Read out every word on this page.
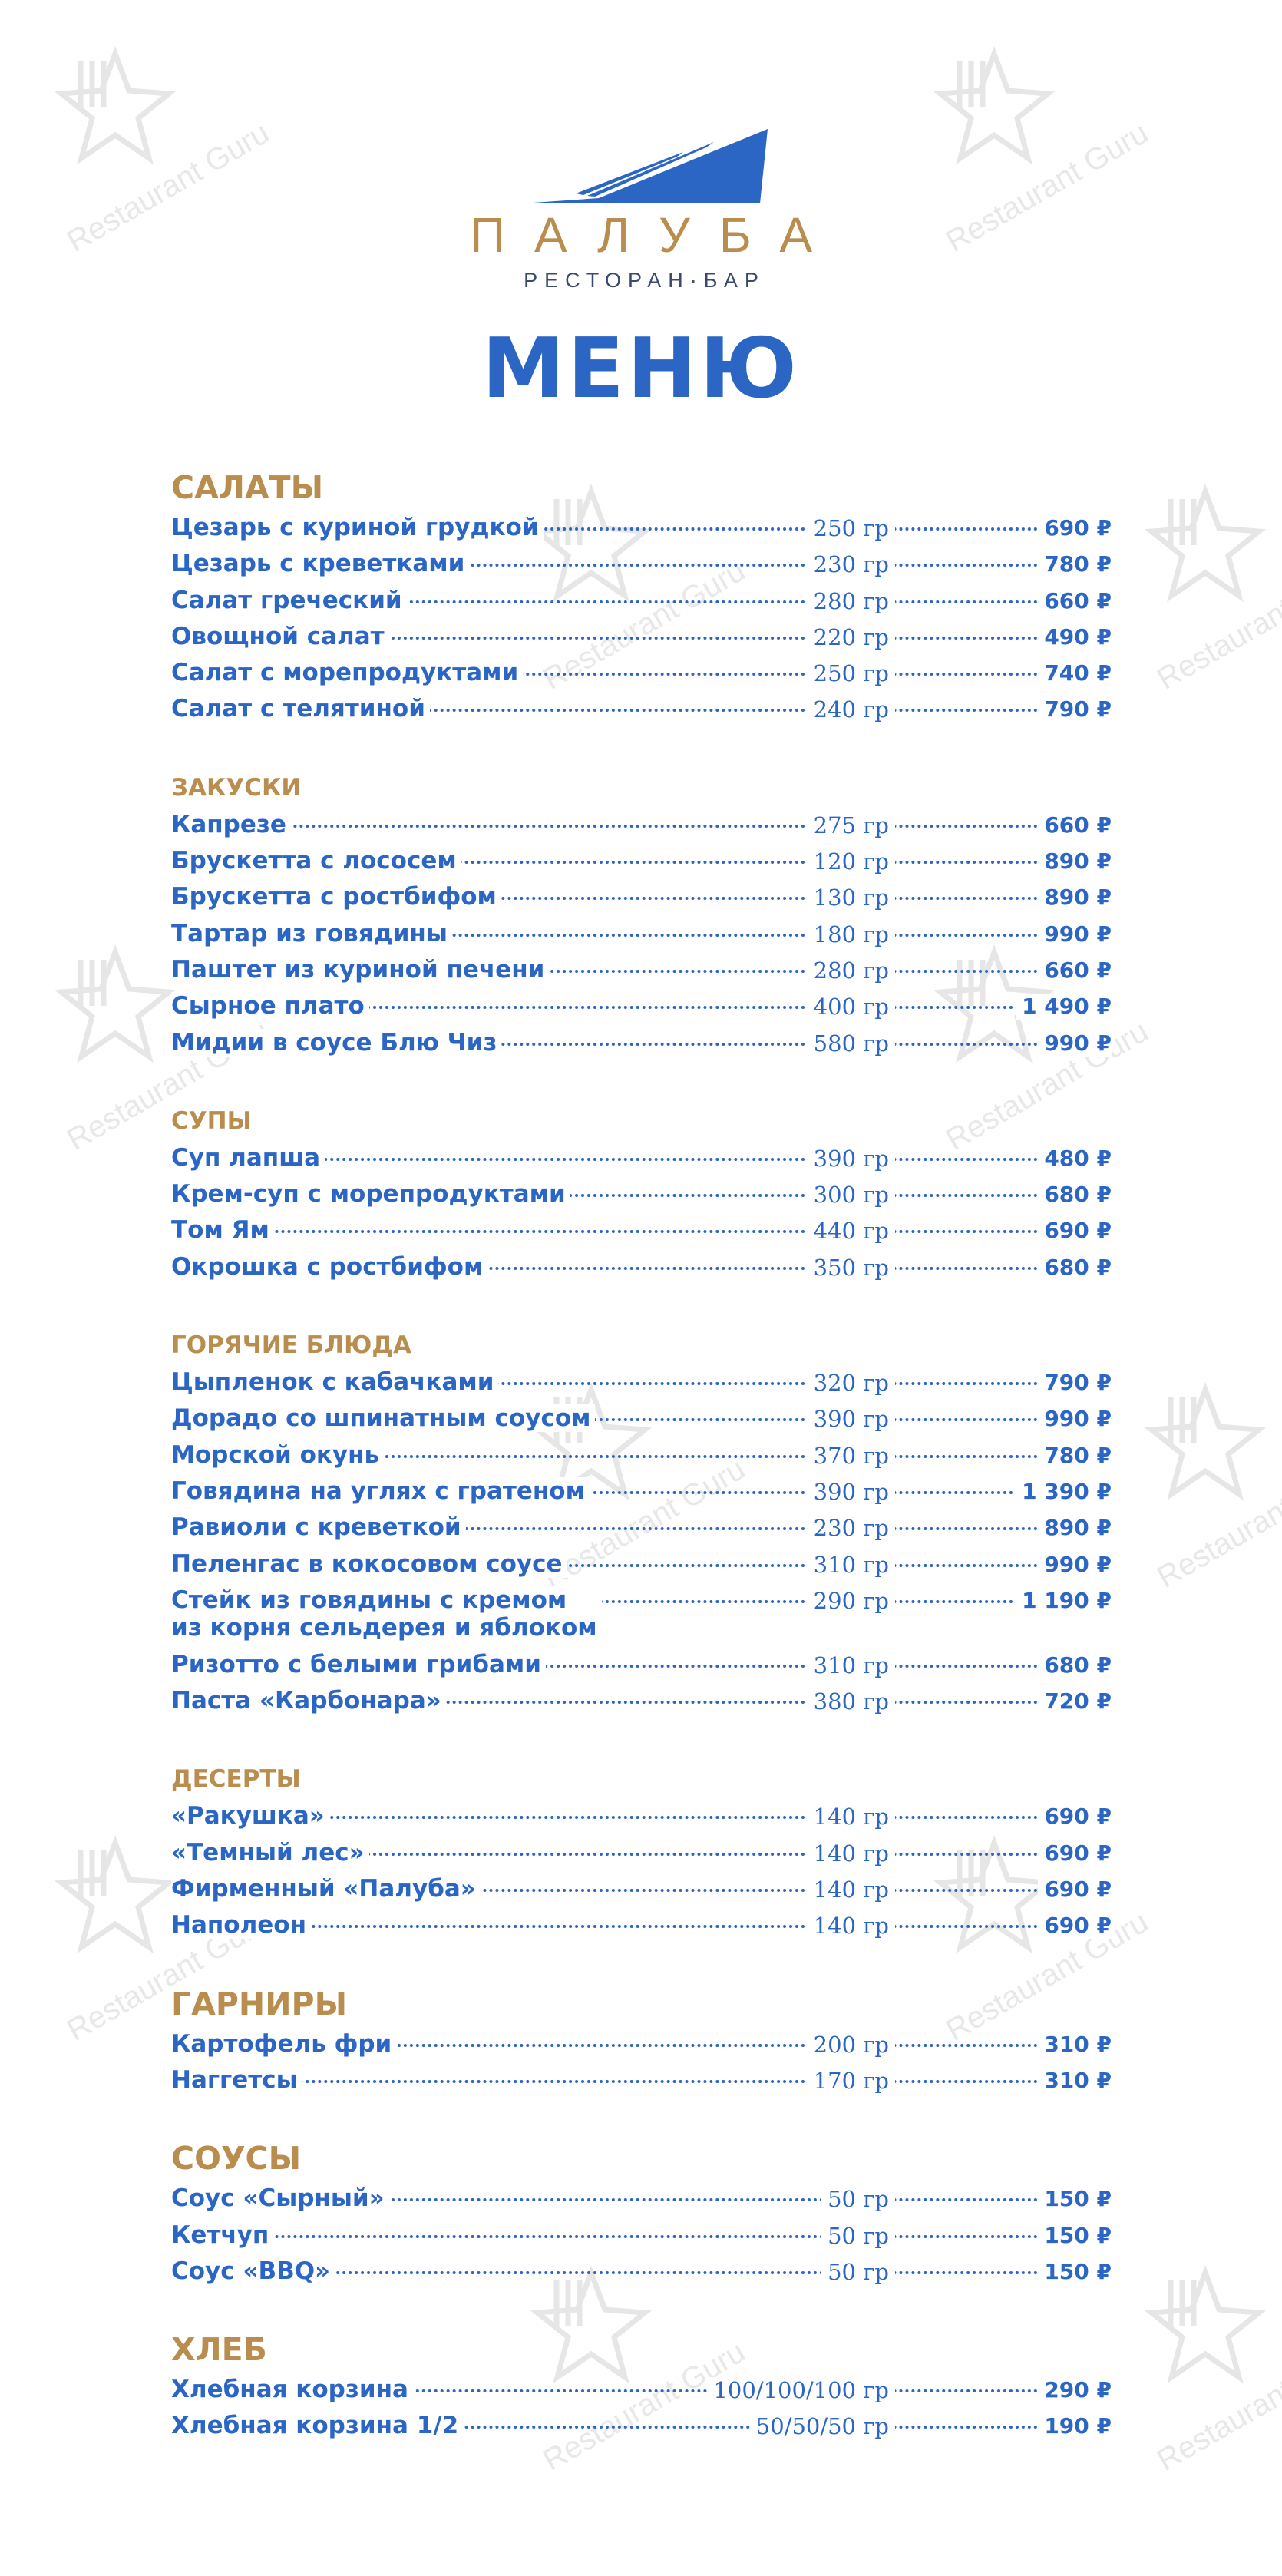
Restaurant Guru
ПАЛУБА
РЕСТОРАН·БАР
МЕНЮ
САЛАТЫ
Цезарь с куриной грудкой	250 гр	690 ₽
Цезарь с креветками	230 гр	780 ₽
Салат греческий	280 гр	660 ₽
Овощной салат	220 гр	490 ₽
Салат с морепродуктами	250 гр	740 ₽
Салат с телятиной	240 гр	790 ₽
ЗАКУСКИ
Капрезе	275 гр	660 ₽
Брускетта с лососем	120 гр	890 ₽
Брускетта с ростбифом	130 гр	890 ₽
Тартар из говядины	180 гр	990 ₽
Паштет из куриной печени	280 гр	660 ₽
Сырное плато	400 гр	1 490 ₽
Мидии в соусе Блю Чиз	580 гр	990 ₽
СУПЫ
Суп лапша	390 гр	480 ₽
Крем-суп с морепродуктами	300 гр	680 ₽
Том Ям	440 гр	690 ₽
Окрошка с ростбифом	350 гр	680 ₽
ГОРЯЧИЕ БЛЮДА
Цыпленок с кабачками	320 гр	790 ₽
Дорадо со шпинатным соусом	390 гр	990 ₽
Морской окунь	370 гр	780 ₽
Говядина на углях с гратеном	390 гр	1 390 ₽
Равиоли с креветкой	230 гр	890 ₽
Пеленгас в кокосовом соусе	310 гр	990 ₽
Стейк из говядины с кремом
из корня сельдерея и яблоком
290 гр	1 190 ₽
Ризотто с белыми грибами	310 гр	680 ₽
Паста «Карбонара»	380 гр	720 ₽
ДЕСЕРТЫ
«Ракушка»	140 гр	690 ₽
«Темный лес»	140 гр	690 ₽
Фирменный «Палуба»	140 гр	690 ₽
Наполеон	140 гр	690 ₽
ГАРНИРЫ
Картофель фри	200 гр	310 ₽
Наггетсы	170 гр	310 ₽
СОУСЫ
Соус «Сырный»	50 гр	150 ₽
Кетчуп	50 гр	150 ₽
Соус «BBQ»	50 гр	150 ₽
ХЛЕБ
Хлебная корзина	100/100/100 гр	290 ₽
Хлебная корзина 1/2	50/50/50 гр	190 ₽
